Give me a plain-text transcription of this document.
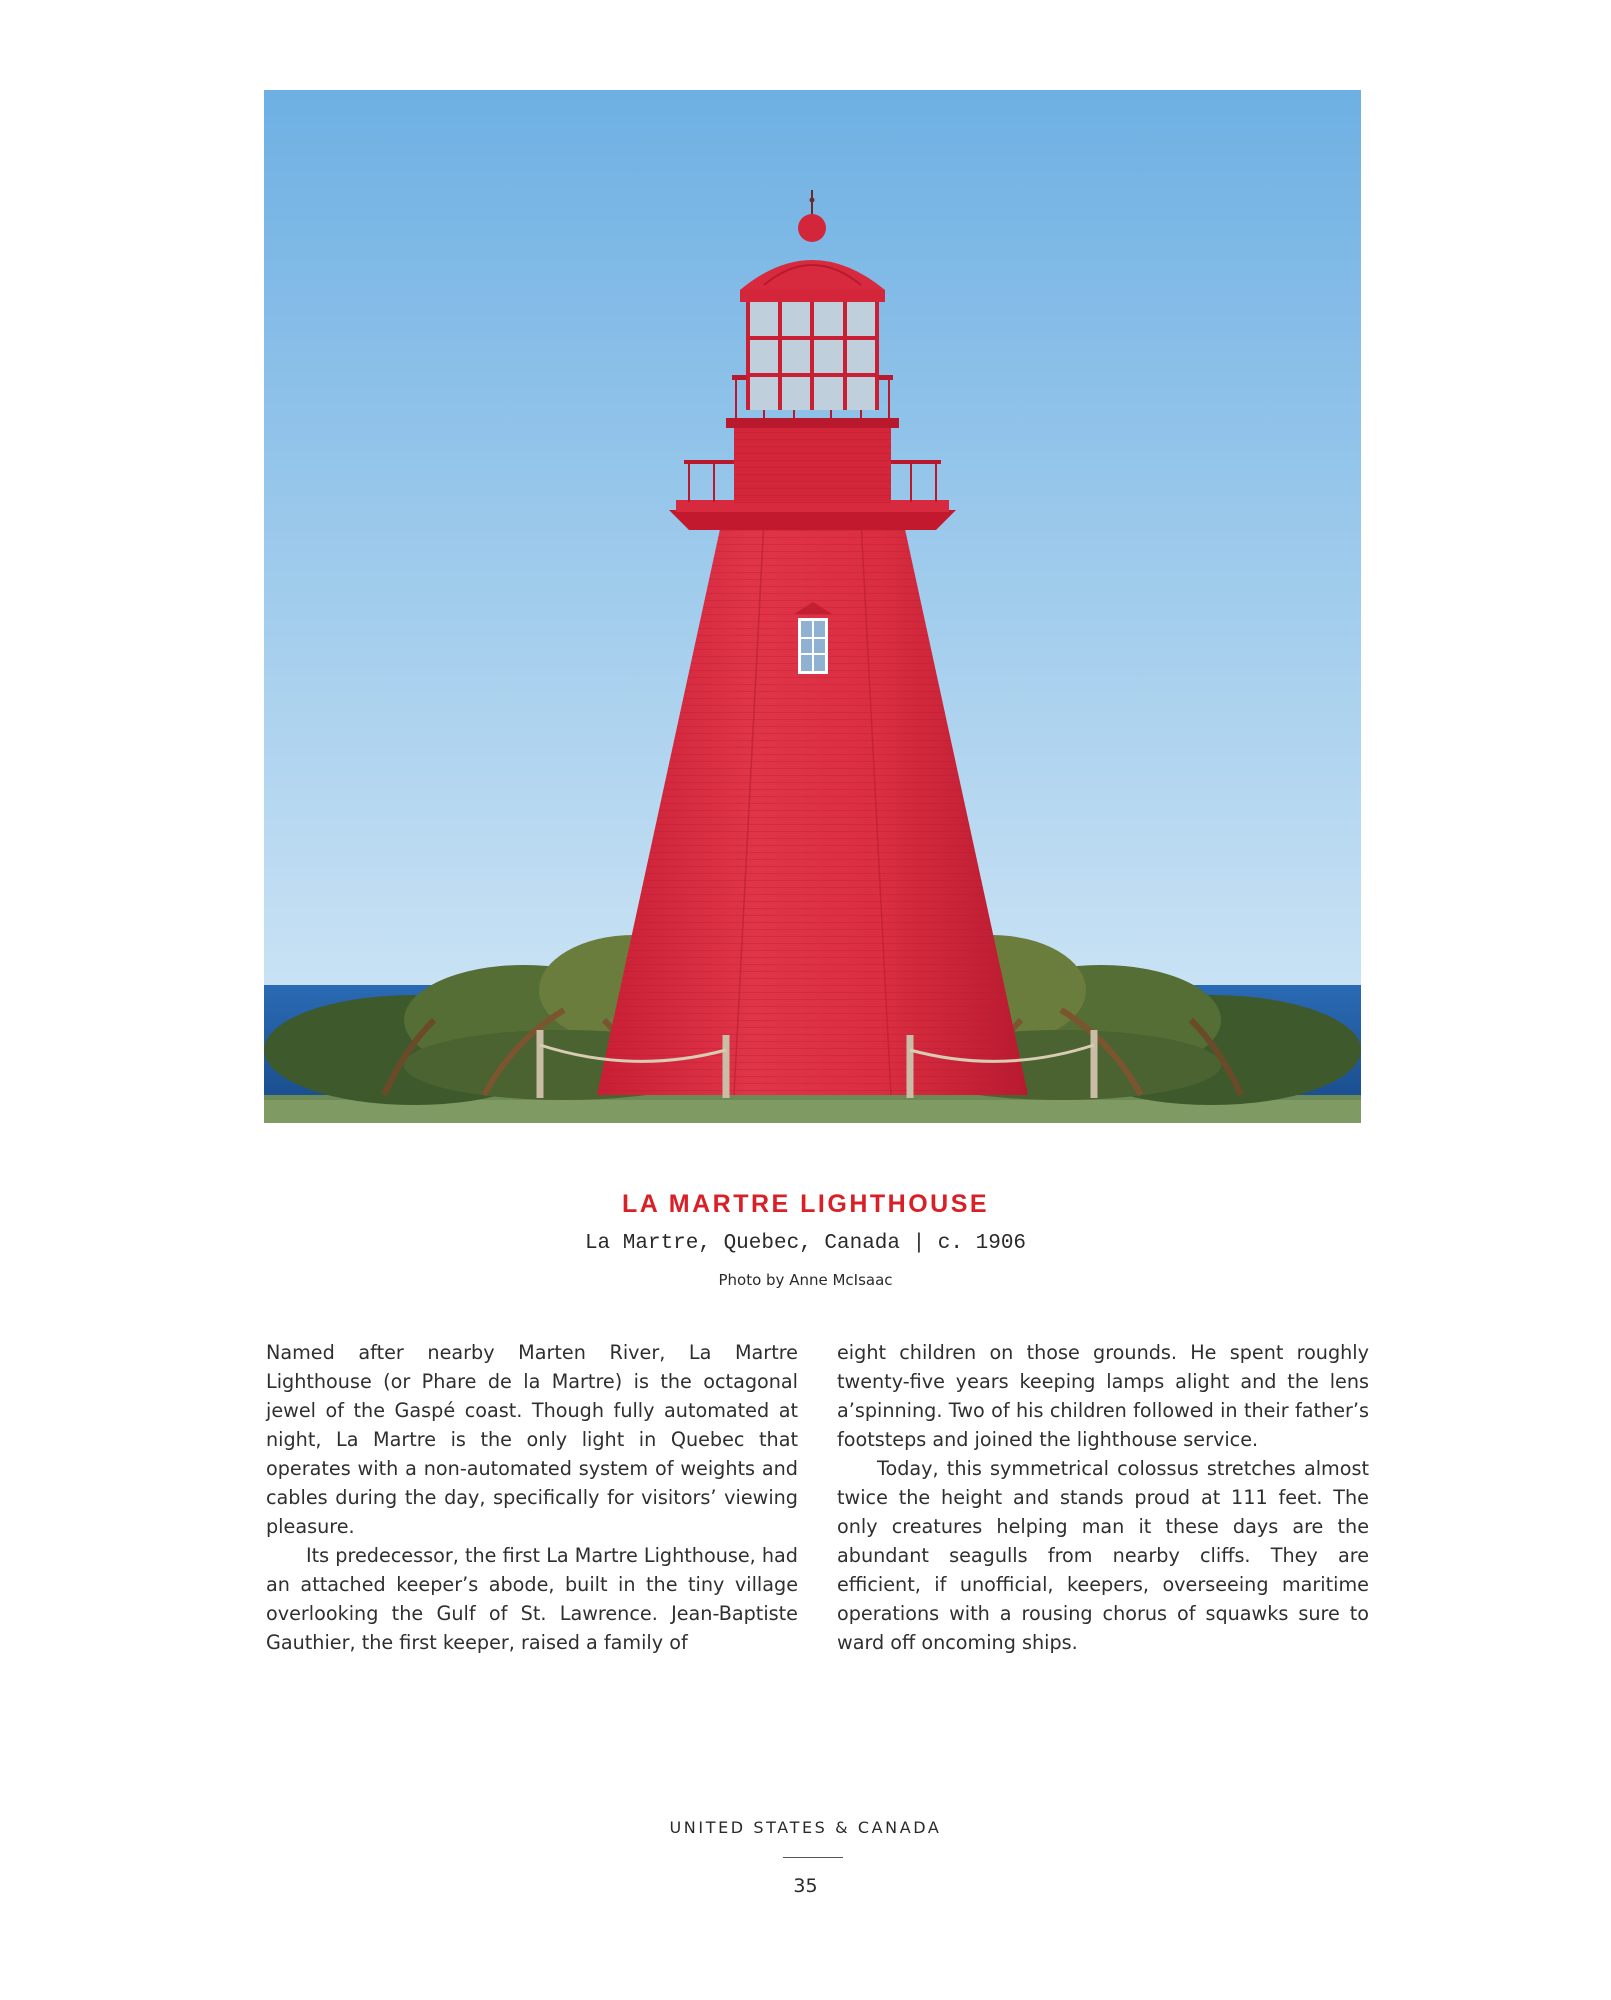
LA MARTRE LIGHTHOUSE
La Martre, Quebec, Canada | c. 1906
Photo by Anne McIsaac

Named after nearby Marten River, La Martre Lighthouse (or Phare de la Martre) is the octagonal jewel of the Gaspé coast. Though fully automated at night, La Martre is the only light in Quebec that operates with a non-automated system of weights and cables during the day, specifically for visitors’ viewing pleasure.

Its predecessor, the first La Martre Lighthouse, had an attached keeper’s abode, built in the tiny village overlooking the Gulf of St. Lawrence. Jean-Baptiste Gauthier, the first keeper, raised a family of

eight children on those grounds. He spent roughly twenty-five years keeping lamps alight and the lens a’spinning. Two of his children followed in their father’s footsteps and joined the lighthouse service.

Today, this symmetrical colossus stretches almost twice the height and stands proud at 111 feet. The only creatures helping man it these days are the abundant seagulls from nearby cliffs. They are efficient, if unofficial, keepers, overseeing maritime operations with a rousing chorus of squawks sure to ward off oncoming ships.

UNITED STATES & CANADA
35
